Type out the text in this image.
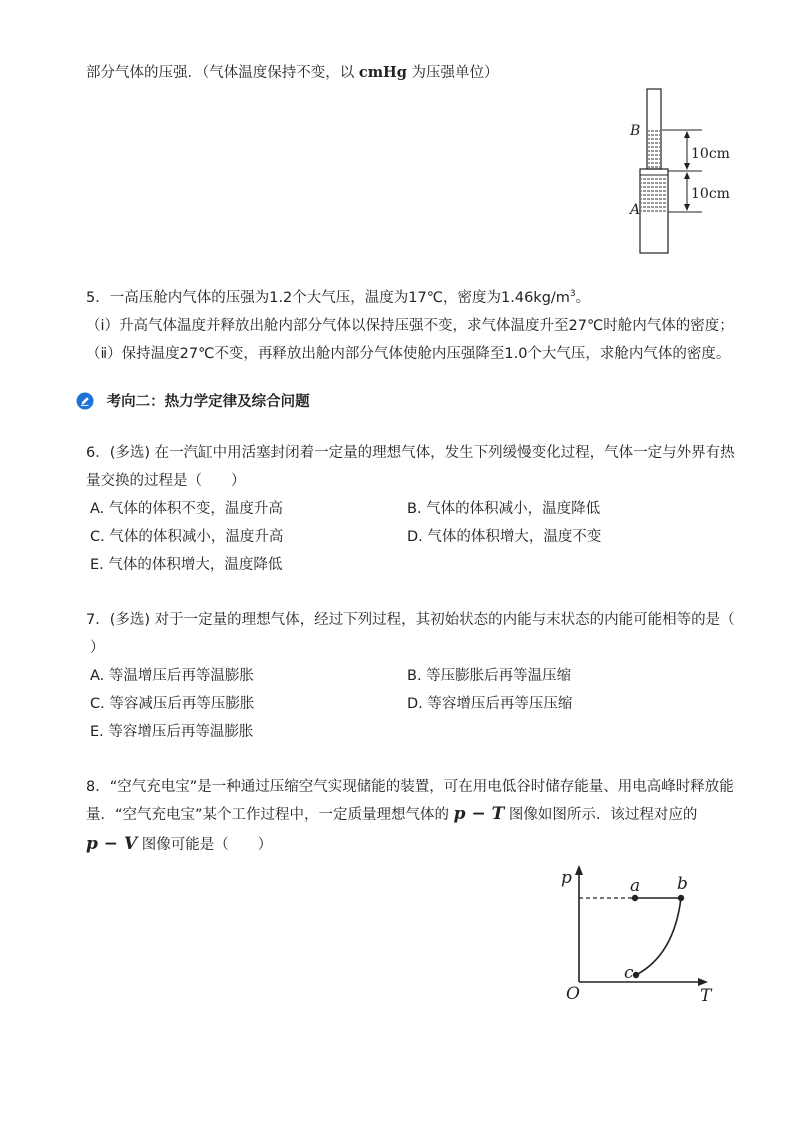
部分气体的压强．（气体温度保持不变，以 cmHg 为压强单位）
B
A
10cm
10cm
5．一高压舱内气体的压强为1.2个大气压，温度为17℃，密度为$1.46kg/m^3$。
（ⅰ）升高气体温度并释放出舱内部分气体以保持压强不变，求气体温度升至27℃时舱内气体的密度；
（ⅱ）保持温度27℃不变，再释放出舱内部分气体使舱内压强降至1.0个大气压，求舱内气体的密度。
考向二：热力学定律及综合问题
6．(多选) 在一汽缸中用活塞封闭着一定量的理想气体，发生下列缓慢变化过程，气体一定与外界有热
量交换的过程是（　　）
A. 气体的体积不变，温度升高	B. 气体的体积减小，温度降低
C. 气体的体积减小，温度升高	D. 气体的体积增大，温度不变
E. 气体的体积增大，温度降低
7．(多选) 对于一定量的理想气体，经过下列过程，其初始状态的内能与末状态的内能可能相等的是（
）
A. 等温增压后再等温膨胀	B. 等压膨胀后再等温压缩
C. 等容减压后再等压膨胀	D. 等容增压后再等压压缩
E. 等容增压后再等温膨胀
8．“空气充电宝”是一种通过压缩空气实现储能的装置，可在用电低谷时储存能量、用电高峰时释放能
量．“空气充电宝”某个工作过程中，一定质量理想气体的 p − T 图像如图所示．该过程对应的
p − V 图像可能是（　　）
p	a b
c
O	T
